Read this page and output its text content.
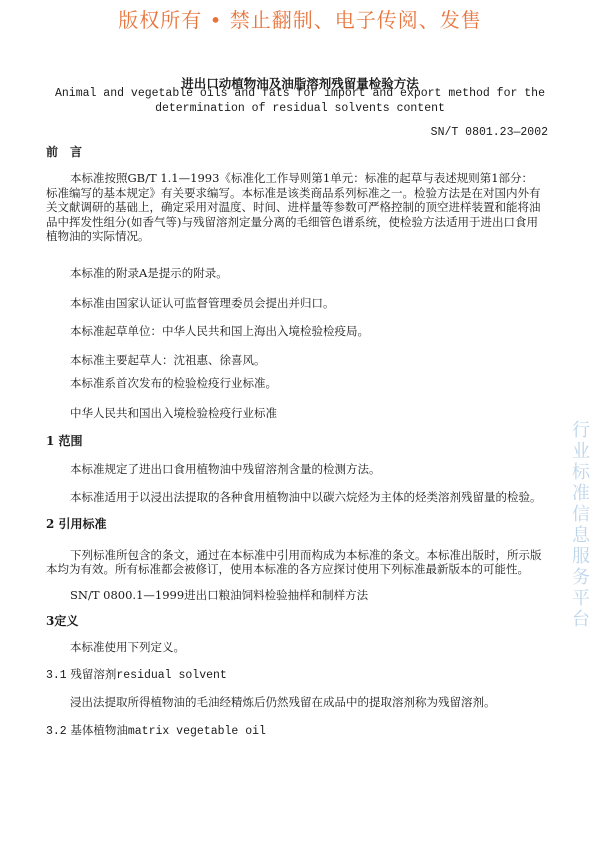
行业标准信息服务平台
版权所有 • 禁止翻制、电子传阅、发售
进出口动植物油及油脂溶剂残留量检验方法
Animal and vegetable oils and fats for import and export method for the determination of residual solvents content
SN/T 0801.23—2002
前　言
本标准按照GB/T 1.1—1993《标准化工作导则第1单元：标准的起草与表述规则第1部分：标准编写的基本规定》有关要求编写。本标准是该类商品系列标准之一。检验方法是在对国内外有关文献调研的基础上，确定采用对温度、时间、进样量等参数可严格控制的顶空进样装置和能将油品中挥发性组分(如香气等)与残留溶剂定量分离的毛细管色谱系统，使检验方法适用于进出口食用植物油的实际情况。
本标准的附录A是提示的附录。
本标准由国家认证认可监督管理委员会提出并归口。
本标准起草单位：中华人民共和国上海出入境检验检疫局。
本标准主要起草人：沈祖惠、徐喜风。
本标准系首次发布的检验检疫行业标准。
中华人民共和国出入境检验检疫行业标准
1 范围
本标准规定了进出口食用植物油中残留溶剂含量的检测方法。
本标准适用于以浸出法提取的各种食用植物油中以碳六烷烃为主体的烃类溶剂残留量的检验。
2 引用标准
下列标准所包含的条文，通过在本标准中引用而构成为本标准的条文。本标准出版时，所示版本均为有效。所有标准都会被修订，使用本标准的各方应探讨使用下列标准最新版本的可能性。
SN/T 0800.1—1999进出口粮油饲料检验抽样和制样方法
3定义
本标准使用下列定义。
3.1 残留溶剂residual solvent
浸出法提取所得植物油的毛油经精炼后仍然残留在成品中的提取溶剂称为残留溶剂。
3.2 基体植物油matrix vegetable oil
